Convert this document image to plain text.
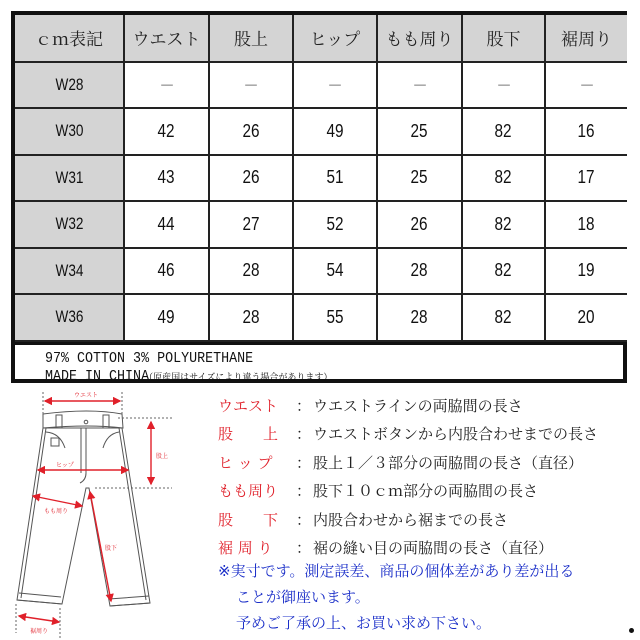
ｃｍ表記	ウエスト	股上	ヒップ	もも周り	股下	裾周り
W28	－	－	－	－	－	－
W30	42	26	49	25	82	16
W31	43	26	51	25	82	17
W32	44	27	52	26	82	18
W34	46	28	54	28	82	19
W36	49	28	55	28	82	20
97% COTTON 3% POLYURETHANE
MADE IN CHINA（原産国はサイズにより違う場合があります）
ウエスト
股上
ヒップ
もも周り
股下
裾周り
ウエスト	： ウエストラインの両脇間の長さ
股　　上	： ウエストボタンから内股合わせまでの長さ
ヒ ッ プ	： 股上１／３部分の両脇間の長さ（直径）
もも周り	： 股下１０ｃｍ部分の両脇間の長さ
股　　下	： 内股合わせから裾までの長さ
裾 周 り	： 裾の縫い目の両脇間の長さ（直径）
※実寸です。測定誤差、商品の個体差があり差が出る
ことが御座います。
予めご了承の上、お買い求め下さい。
